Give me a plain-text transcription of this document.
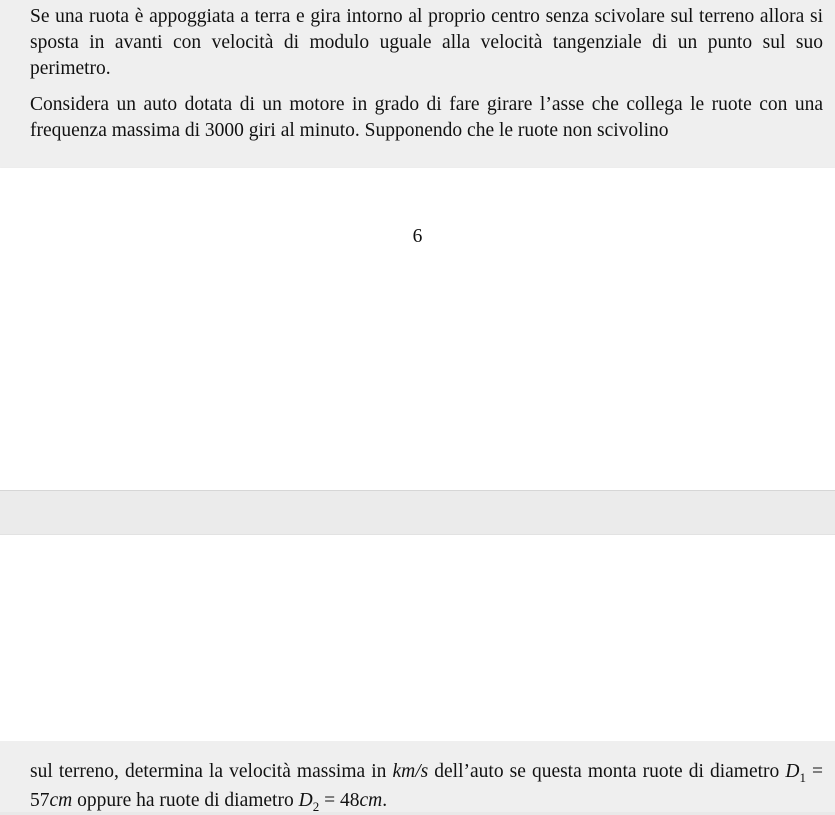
Se una ruota è appoggiata a terra e gira intorno al proprio centro senza scivolare sul terreno allora si sposta in avanti con velocità di modulo uguale alla velocità tangenziale di un punto sul suo perimetro.

Considera un auto dotata di un motore in grado di fare girare l’asse che collega le ruote con una frequenza massima di 3000 giri al minuto. Supponendo che le ruote non scivolino

6

sul terreno, determina la velocità massima in km/s dell’auto se questa monta ruote di diametro $D_1 = 57cm$ oppure ha ruote di diametro $D_2 = 48cm$.
